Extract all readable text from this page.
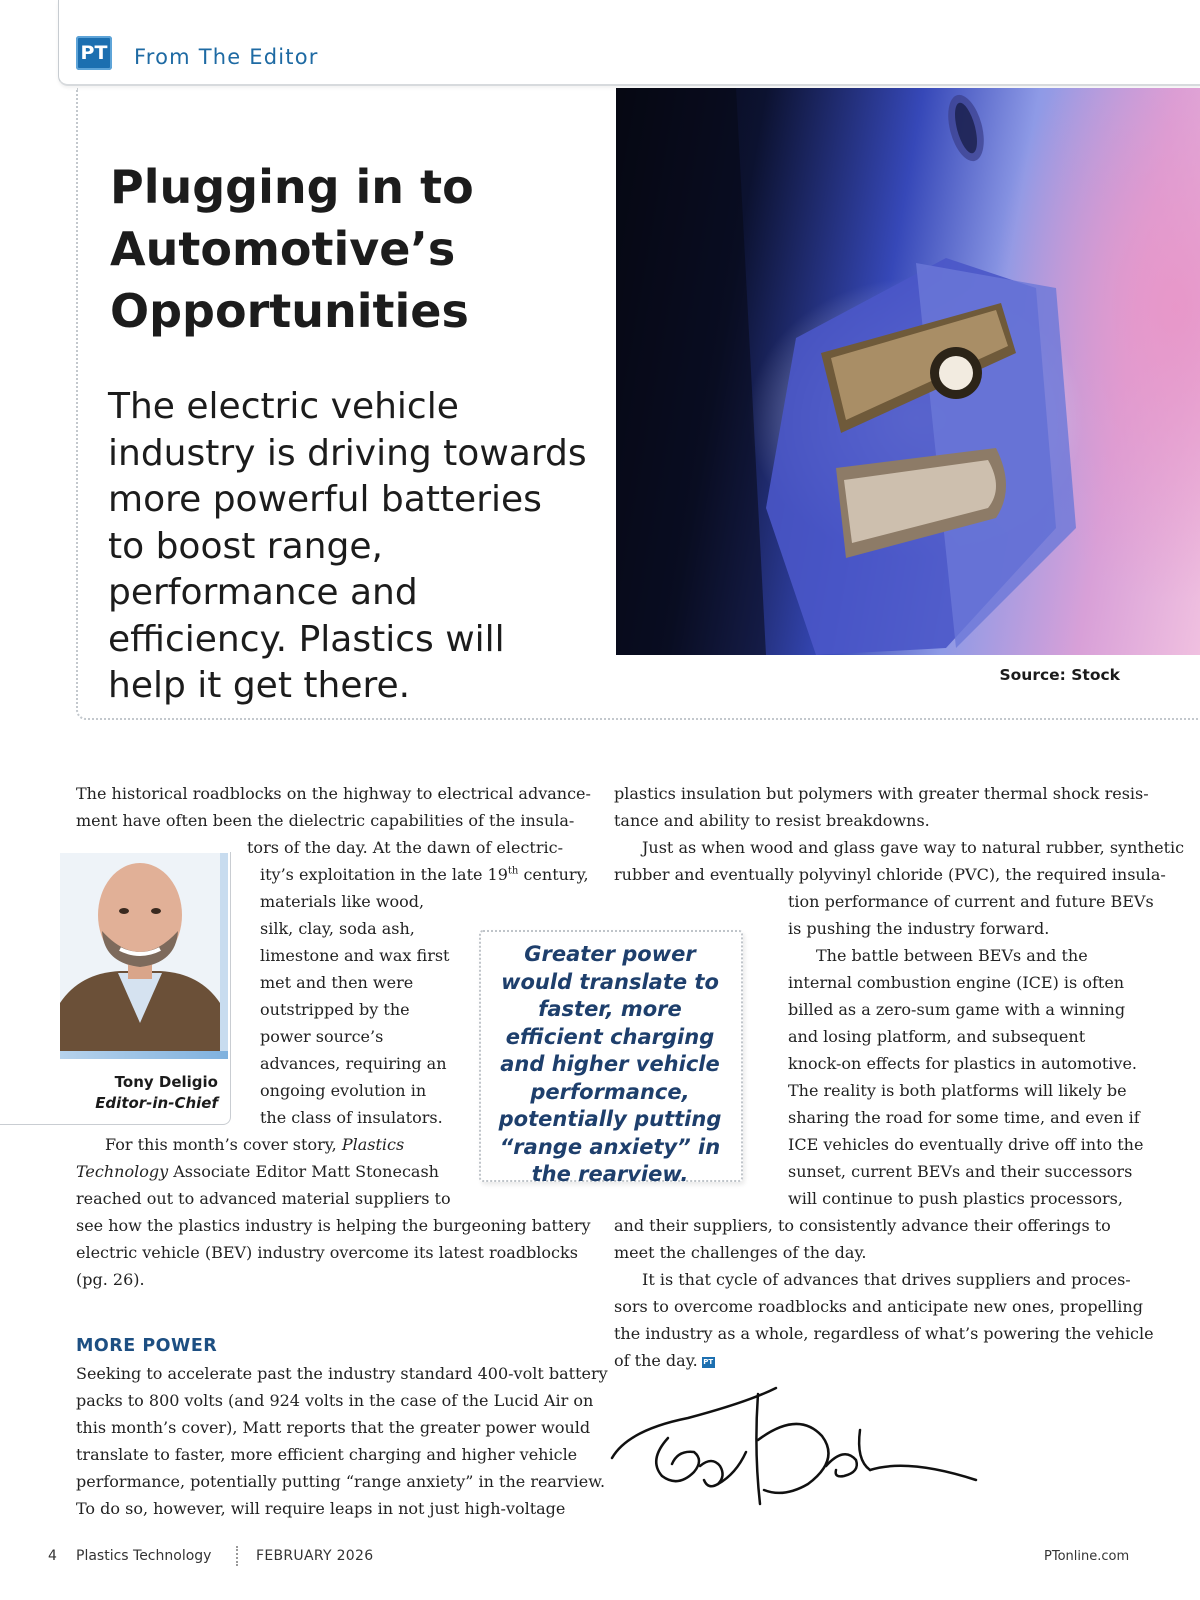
PT From The Editor
Plugging in to Automotive’s Opportunities

The electric vehicle industry is driving towards more powerful batteries to boost range, performance and efficiency. Plastics will help it get there.	Source: Stock
Tony Deligio
Editor-in-Chief

Greater power would translate to faster, more efficient charging and higher vehicle performance, potentially putting “range anxiety” in the rearview.

The historical roadblocks on the highway to electrical advance-
ment have often been the dielectric capabilities of the insula-
tors of the day. At the dawn of electric-
ity’s exploitation in the late 19th century,
materials like wood,
silk, clay, soda ash,
limestone and wax first
met and then were
outstripped by the
power source’s
advances, requiring an
ongoing evolution in
the class of insulators.
For this month’s cover story, Plastics
Technology Associate Editor Matt Stonecash
reached out to advanced material suppliers to
see how the plastics industry is helping the burgeoning battery
electric vehicle (BEV) industry overcome its latest roadblocks
(pg. 26).
MORE POWER
Seeking to accelerate past the industry standard 400-volt battery
packs to 800 volts (and 924 volts in the case of the Lucid Air on
this month’s cover), Matt reports that the greater power would
translate to faster, more efficient charging and higher vehicle
performance, potentially putting “range anxiety” in the rearview.
To do so, however, will require leaps in not just high-voltage
plastics insulation but polymers with greater thermal shock resis-
tance and ability to resist breakdowns.
Just as when wood and glass gave way to natural rubber, synthetic
rubber and eventually polyvinyl chloride (PVC), the required insula-
tion performance of current and future BEVs
is pushing the industry forward.
The battle between BEVs and the
internal combustion engine (ICE) is often
billed as a zero-sum game with a winning
and losing platform, and subsequent
knock-on effects for plastics in automotive.
The reality is both platforms will likely be
sharing the road for some time, and even if
ICE vehicles do eventually drive off into the
sunset, current BEVs and their successors
will continue to push plastics processors,
and their suppliers, to consistently advance their offerings to
meet the challenges of the day.
It is that cycle of advances that drives suppliers and proces-
sors to overcome roadblocks and anticipate new ones, propelling
the industry as a whole, regardless of what’s powering the vehicle
of the day. PT
4 Plastics Technology	FEBRUARY 2026	PTonline.com
